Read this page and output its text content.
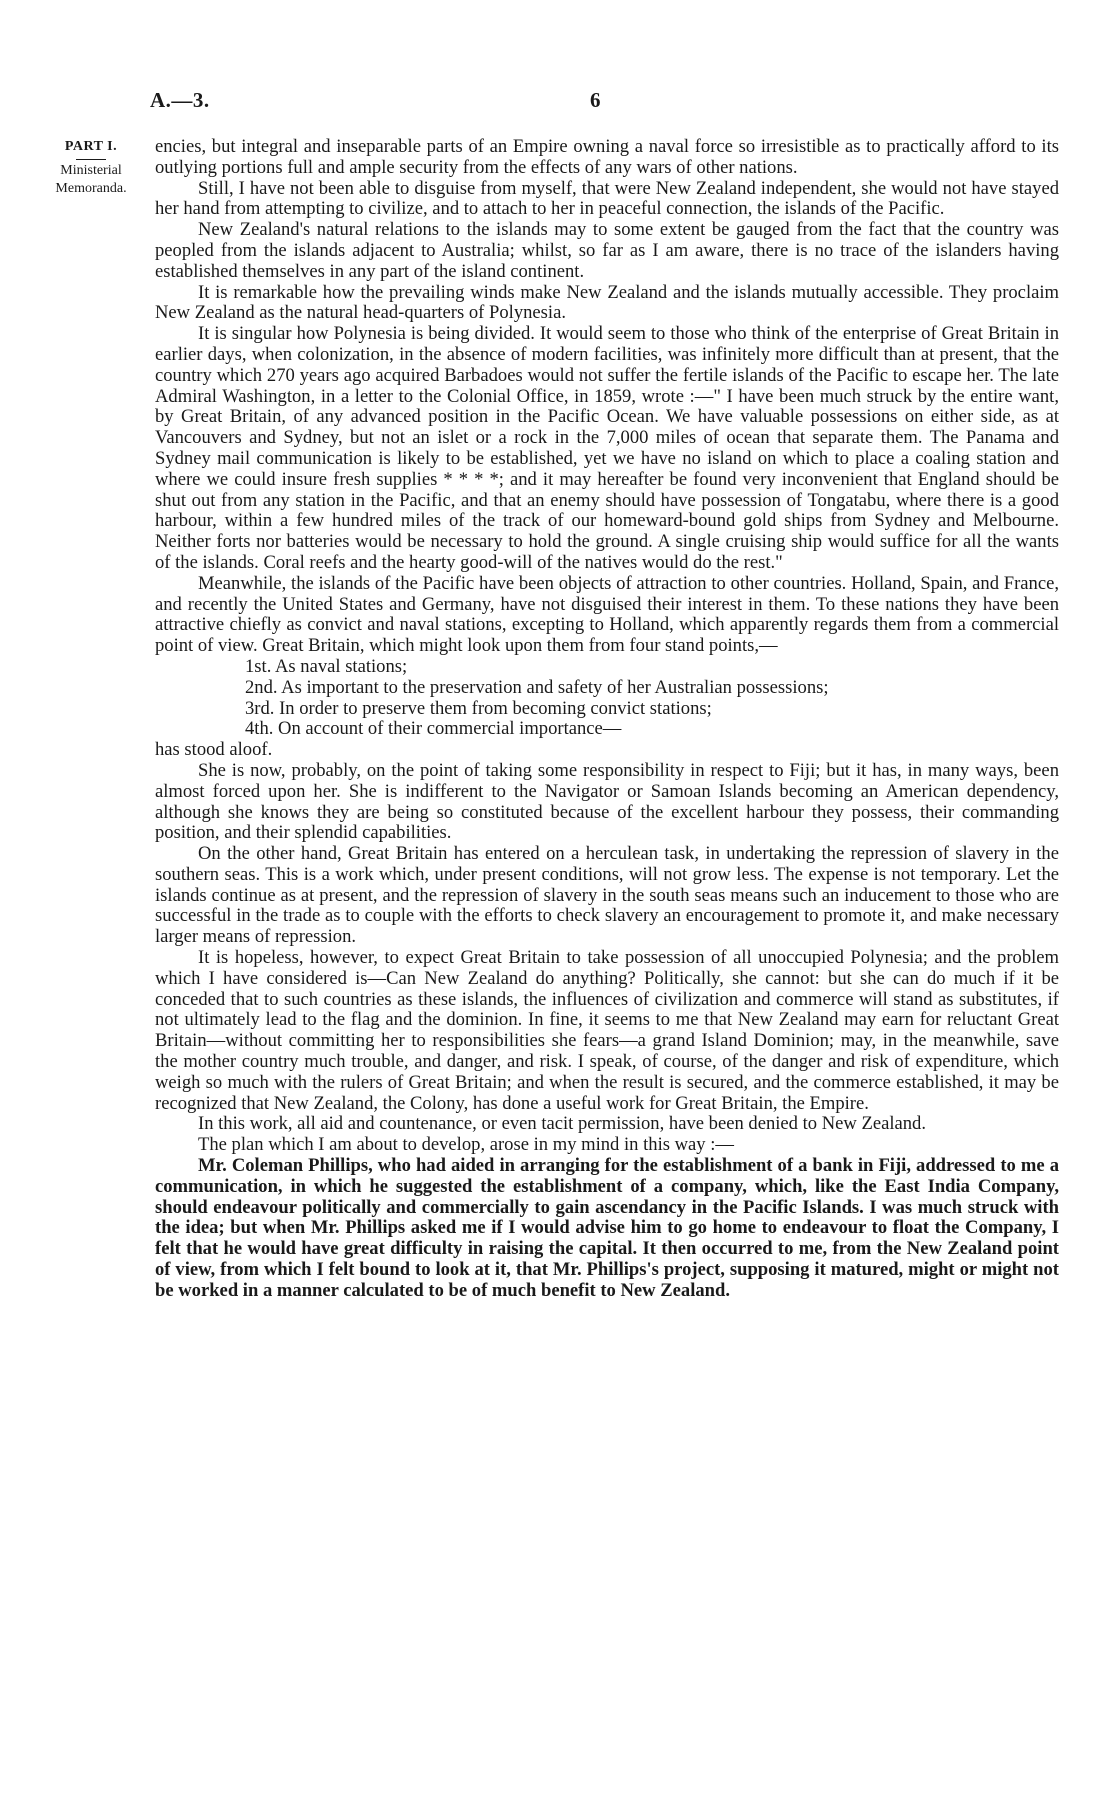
A.—3.	6
PART I.
Ministerial
Memoranda.

encies, but integral and inseparable parts of an Empire owning a naval force so irresistible as to practically afford to its outlying portions full and ample security from the effects of any wars of other nations.

Still, I have not been able to disguise from myself, that were New Zealand independent, she would not have stayed her hand from attempting to civilize, and to attach to her in peaceful connection, the islands of the Pacific.

New Zealand's natural relations to the islands may to some extent be gauged from the fact that the country was peopled from the islands adjacent to Australia; whilst, so far as I am aware, there is no trace of the islanders having established themselves in any part of the island continent.

It is remarkable how the prevailing winds make New Zealand and the islands mutually accessible. They proclaim New Zealand as the natural head-quarters of Polynesia.

It is singular how Polynesia is being divided. It would seem to those who think of the enterprise of Great Britain in earlier days, when colonization, in the absence of modern facilities, was infinitely more difficult than at present, that the country which 270 years ago acquired Barbadoes would not suffer the fertile islands of the Pacific to escape her. The late Admiral Washington, in a letter to the Colonial Office, in 1859, wrote :—" I have been much struck by the entire want, by Great Britain, of any advanced position in the Pacific Ocean. We have valuable possessions on either side, as at Vancouvers and Sydney, but not an islet or a rock in the 7,000 miles of ocean that separate them. The Panama and Sydney mail communication is likely to be established, yet we have no island on which to place a coaling station and where we could insure fresh supplies * * * *; and it may hereafter be found very inconvenient that England should be shut out from any station in the Pacific, and that an enemy should have possession of Tongatabu, where there is a good harbour, within a few hundred miles of the track of our homeward-bound gold ships from Sydney and Melbourne. Neither forts nor batteries would be necessary to hold the ground. A single cruising ship would suffice for all the wants of the islands. Coral reefs and the hearty good-will of the natives would do the rest."

Meanwhile, the islands of the Pacific have been objects of attraction to other countries. Holland, Spain, and France, and recently the United States and Germany, have not disguised their interest in them. To these nations they have been attractive chiefly as convict and naval stations, excepting to Holland, which apparently regards them from a commercial point of view. Great Britain, which might look upon them from four stand points,—

1st. As naval stations;

2nd. As important to the preservation and safety of her Australian possessions;

3rd. In order to preserve them from becoming convict stations;

4th. On account of their commercial importance—

has stood aloof.

She is now, probably, on the point of taking some responsibility in respect to Fiji; but it has, in many ways, been almost forced upon her. She is indifferent to the Navigator or Samoan Islands becoming an American dependency, although she knows they are being so constituted because of the excellent harbour they possess, their commanding position, and their splendid capabilities.

On the other hand, Great Britain has entered on a herculean task, in undertaking the repression of slavery in the southern seas. This is a work which, under present conditions, will not grow less. The expense is not temporary. Let the islands continue as at present, and the repression of slavery in the south seas means such an inducement to those who are successful in the trade as to couple with the efforts to check slavery an encouragement to promote it, and make necessary larger means of repression.

It is hopeless, however, to expect Great Britain to take possession of all unoccupied Polynesia; and the problem which I have considered is—Can New Zealand do anything? Politically, she cannot: but she can do much if it be conceded that to such countries as these islands, the influences of civilization and commerce will stand as substitutes, if not ultimately lead to the flag and the dominion. In fine, it seems to me that New Zealand may earn for reluctant Great Britain—without committing her to responsibilities she fears—a grand Island Dominion; may, in the meanwhile, save the mother country much trouble, and danger, and risk. I speak, of course, of the danger and risk of expenditure, which weigh so much with the rulers of Great Britain; and when the result is secured, and the commerce established, it may be recognized that New Zealand, the Colony, has done a useful work for Great Britain, the Empire.

In this work, all aid and countenance, or even tacit permission, have been denied to New Zealand.

The plan which I am about to develop, arose in my mind in this way :—

Mr. Coleman Phillips, who had aided in arranging for the establishment of a bank in Fiji, addressed to me a communication, in which he suggested the establishment of a company, which, like the East India Company, should endeavour politically and commercially to gain ascendancy in the Pacific Islands. I was much struck with the idea; but when Mr. Phillips asked me if I would advise him to go home to endeavour to float the Company, I felt that he would have great difficulty in raising the capital. It then occurred to me, from the New Zealand point of view, from which I felt bound to look at it, that Mr. Phillips's project, supposing it matured, might or might not be worked in a manner calculated to be of much benefit to New Zealand.
